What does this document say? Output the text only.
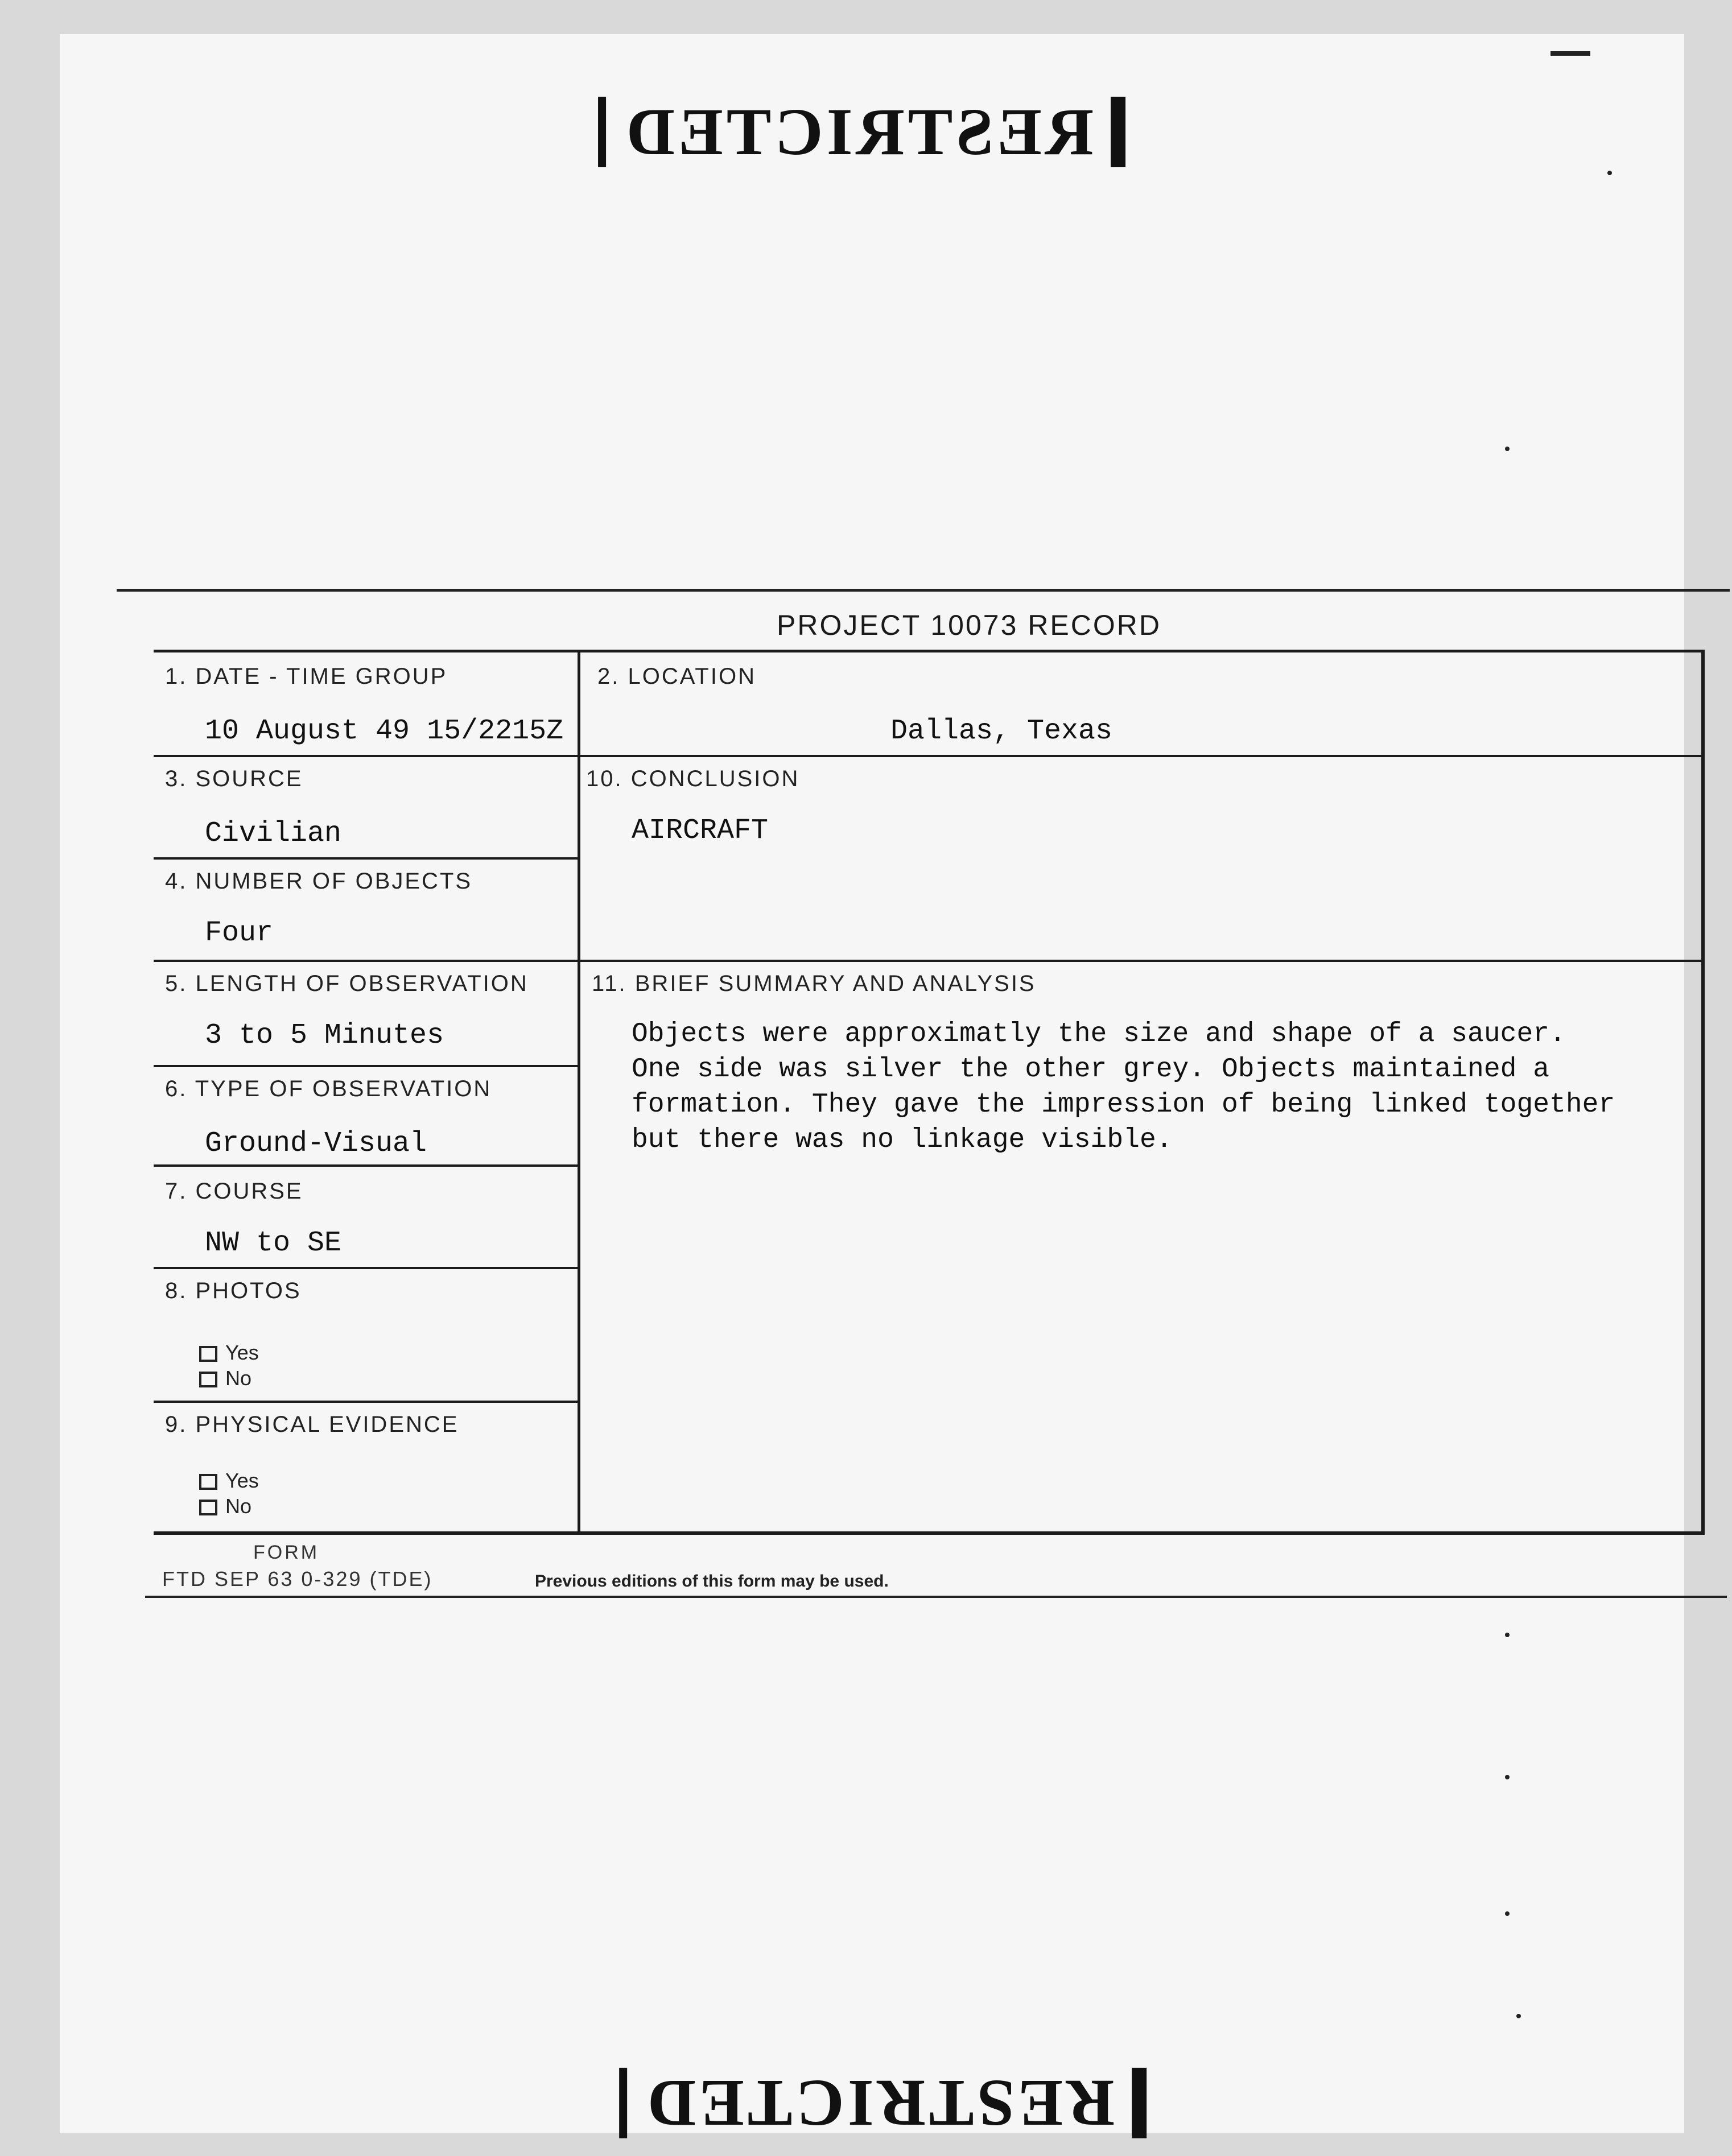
RESTRICTED
PROJECT 10073 RECORD
1. DATE - TIME GROUP
10 August 49 15/2215Z
2. LOCATION
Dallas, Texas
3. SOURCE
Civilian
10. CONCLUSION
AIRCRAFT
4. NUMBER OF OBJECTS
Four
5. LENGTH OF OBSERVATION
3 to 5 Minutes
11. BRIEF SUMMARY AND ANALYSIS
Objects were approximatly the size and shape of a saucer.
One side was silver the other grey. Objects maintained a
formation. They gave the impression of being linked together
but there was no linkage visible.
6. TYPE OF OBSERVATION
Ground-Visual
7. COURSE
NW to SE
8. PHOTOS
Yes
No
9. PHYSICAL EVIDENCE
Yes
No
FORM
FTD SEP 63 0-329 (TDE)	Previous editions of this form may be used.
RESTRICTED
